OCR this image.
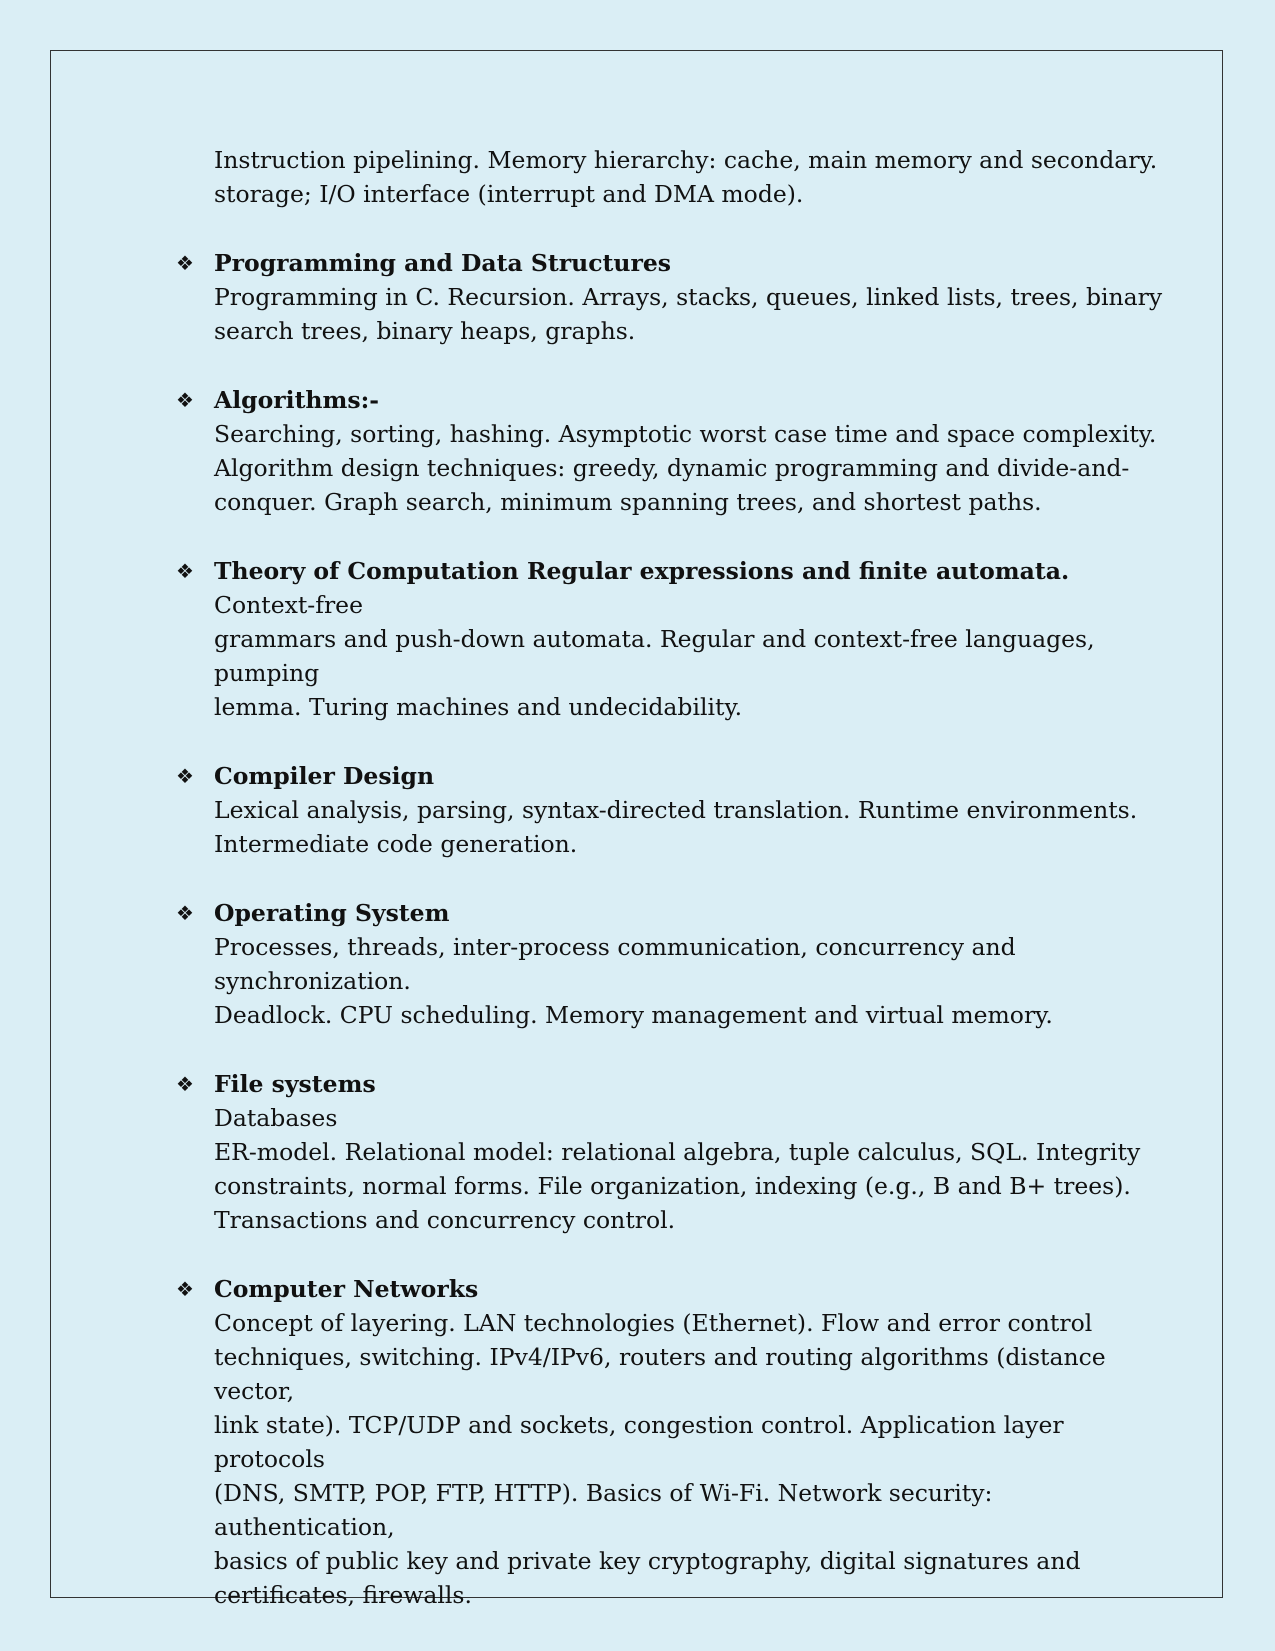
Instruction pipelining. Memory hierarchy: cache, main memory and secondary.
storage; I/O interface (interrupt and DMA mode).

❖ Programming and Data Structures
Programming in C. Recursion. Arrays, stacks, queues, linked lists, trees, binary
search trees, binary heaps, graphs.
❖ Algorithms:-
Searching, sorting, hashing. Asymptotic worst case time and space complexity.
Algorithm design techniques: greedy, dynamic programming and divide-and-
conquer. Graph search, minimum spanning trees, and shortest paths.
❖ Theory of Computation Regular expressions and finite automata. Context-free
grammars and push-down automata. Regular and context-free languages, pumping
lemma. Turing machines and undecidability.
❖ Compiler Design
Lexical analysis, parsing, syntax-directed translation. Runtime environments.
Intermediate code generation.
❖ Operating System
Processes, threads, inter-process communication, concurrency and synchronization.
Deadlock. CPU scheduling. Memory management and virtual memory.
❖ File systems
Databases
ER-model. Relational model: relational algebra, tuple calculus, SQL. Integrity
constraints, normal forms. File organization, indexing (e.g., B and B+ trees).
Transactions and concurrency control.
❖ Computer Networks
Concept of layering. LAN technologies (Ethernet). Flow and error control
techniques, switching. IPv4/IPv6, routers and routing algorithms (distance vector,
link state). TCP/UDP and sockets, congestion control. Application layer protocols
(DNS, SMTP, POP, FTP, HTTP). Basics of Wi-Fi. Network security: authentication,
basics of public key and private key cryptography, digital signatures and
certificates, firewalls.
